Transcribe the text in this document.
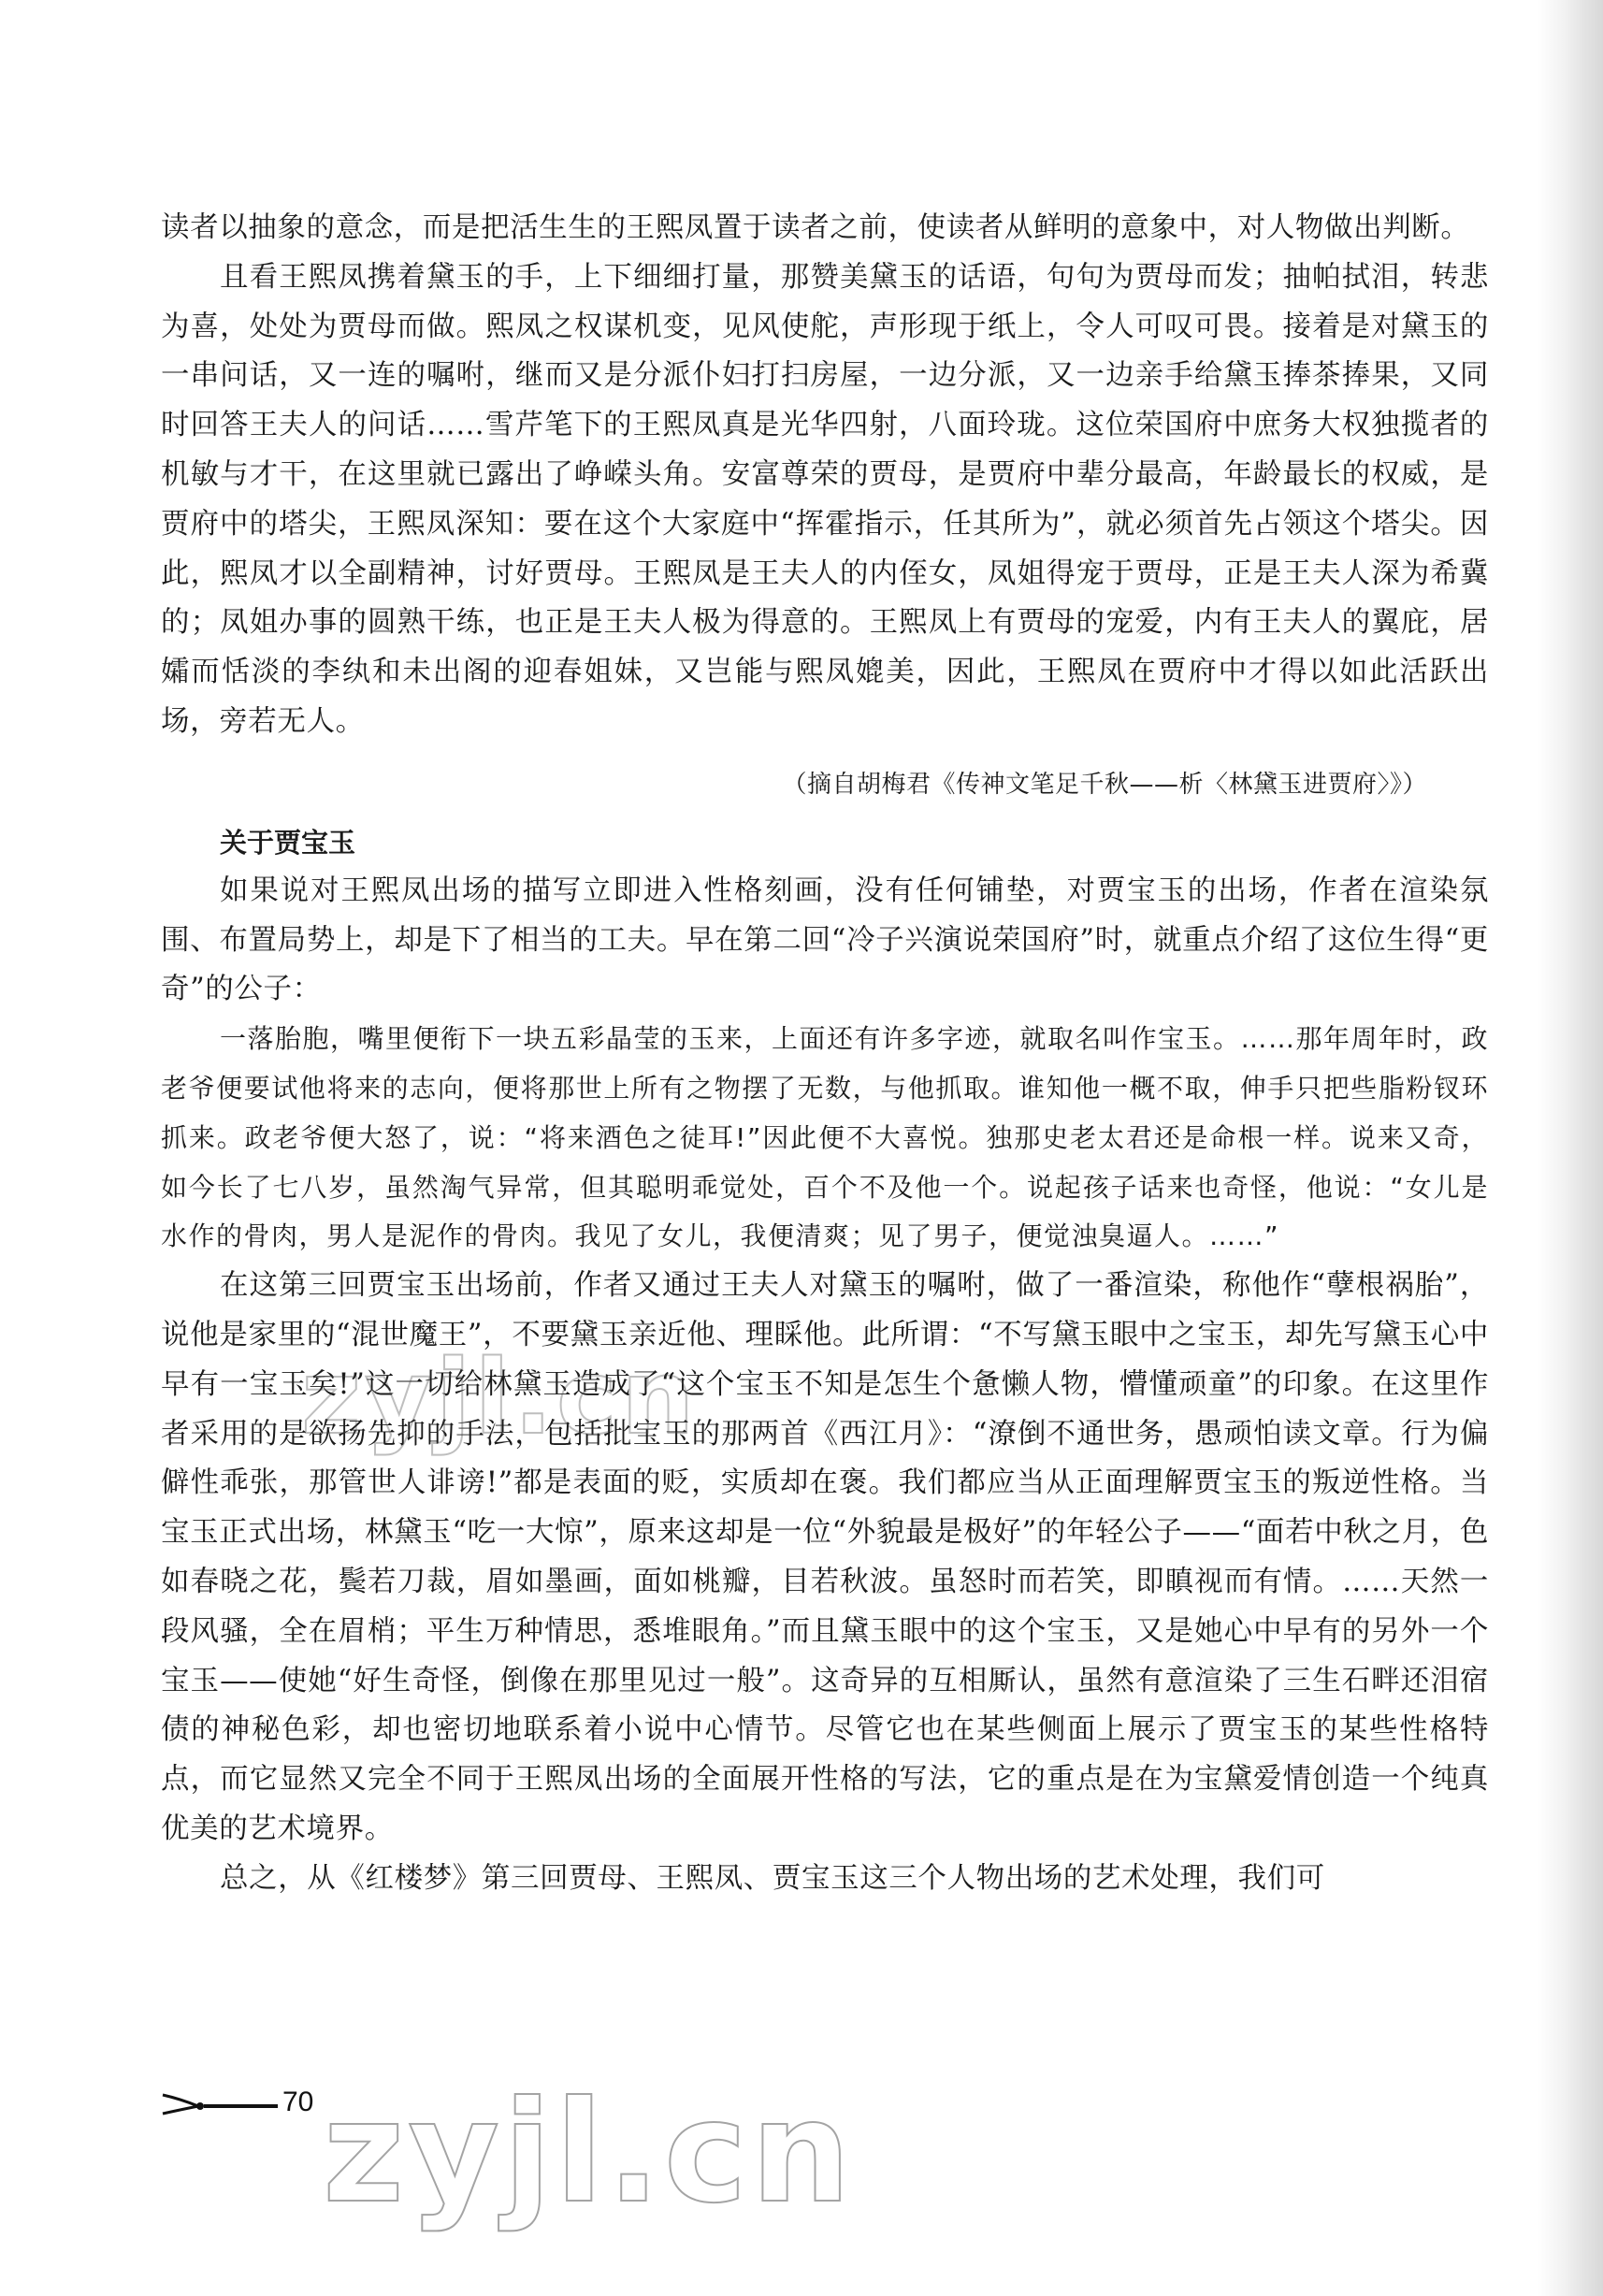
读者以抽象的意念，而是把活生生的王熙凤置于读者之前，使读者从鲜明的意象中，对人物做出判断。

且看王熙凤携着黛玉的手，上下细细打量，那赞美黛玉的话语，句句为贾母而发；抽帕拭泪，转悲为喜，处处为贾母而做。熙凤之权谋机变，见风使舵，声形现于纸上，令人可叹可畏。接着是对黛玉的一串问话，又一连的嘱咐，继而又是分派仆妇打扫房屋，一边分派，又一边亲手给黛玉捧茶捧果，又同时回答王夫人的问话……雪芹笔下的王熙凤真是光华四射，八面玲珑。这位荣国府中庶务大权独揽者的机敏与才干，在这里就已露出了峥嵘头角。安富尊荣的贾母，是贾府中辈分最高，年龄最长的权威，是贾府中的塔尖，王熙凤深知：要在这个大家庭中“挥霍指示，任其所为”，就必须首先占领这个塔尖。因此，熙凤才以全副精神，讨好贾母。王熙凤是王夫人的内侄女，凤姐得宠于贾母，正是王夫人深为希冀的；凤姐办事的圆熟干练，也正是王夫人极为得意的。王熙凤上有贾母的宠爱，内有王夫人的翼庇，居孀而恬淡的李纨和未出阁的迎春姐妹，又岂能与熙凤媲美，因此，王熙凤在贾府中才得以如此活跃出场，旁若无人。

（摘自胡梅君《传神文笔足千秋——析〈林黛玉进贾府〉》）

关于贾宝玉

如果说对王熙凤出场的描写立即进入性格刻画，没有任何铺垫，对贾宝玉的出场，作者在渲染氛围、布置局势上，却是下了相当的工夫。早在第二回“冷子兴演说荣国府”时，就重点介绍了这位生得“更奇”的公子：

一落胎胞，嘴里便衔下一块五彩晶莹的玉来，上面还有许多字迹，就取名叫作宝玉。……那年周年时，政老爷便要试他将来的志向，便将那世上所有之物摆了无数，与他抓取。谁知他一概不取，伸手只把些脂粉钗环抓来。政老爷便大怒了，说：“将来酒色之徒耳!”因此便不大喜悦。独那史老太君还是命根一样。说来又奇，如今长了七八岁，虽然淘气异常，但其聪明乖觉处，百个不及他一个。说起孩子话来也奇怪，他说：“女儿是水作的骨肉，男人是泥作的骨肉。我见了女儿，我便清爽；见了男子，便觉浊臭逼人。……”

在这第三回贾宝玉出场前，作者又通过王夫人对黛玉的嘱咐，做了一番渲染，称他作“孽根祸胎”，说他是家里的“混世魔王”，不要黛玉亲近他、理睬他。此所谓：“不写黛玉眼中之宝玉，却先写黛玉心中早有一宝玉矣!”这一切给林黛玉造成了“这个宝玉不知是怎生个惫懒人物，懵懂顽童”的印象。在这里作者采用的是欲扬先抑的手法，包括批宝玉的那两首《西江月》：“潦倒不通世务，愚顽怕读文章。行为偏僻性乖张，那管世人诽谤!”都是表面的贬，实质却在褒。我们都应当从正面理解贾宝玉的叛逆性格。当宝玉正式出场，林黛玉“吃一大惊”，原来这却是一位“外貌最是极好”的年轻公子——“面若中秋之月，色如春晓之花，鬓若刀裁，眉如墨画，面如桃瓣，目若秋波。虽怒时而若笑，即瞋视而有情。……天然一段风骚，全在眉梢；平生万种情思，悉堆眼角。”而且黛玉眼中的这个宝玉，又是她心中早有的另外一个宝玉——使她“好生奇怪，倒像在那里见过一般”。这奇异的互相厮认，虽然有意渲染了三生石畔还泪宿债的神秘色彩，却也密切地联系着小说中心情节。尽管它也在某些侧面上展示了贾宝玉的某些性格特点，而它显然又完全不同于王熙凤出场的全面展开性格的写法，它的重点是在为宝黛爱情创造一个纯真优美的艺术境界。

总之，从《红楼梦》第三回贾母、王熙凤、贾宝玉这三个人物出场的艺术处理，我们可

70
zyjl.cn
zyjl.cn
